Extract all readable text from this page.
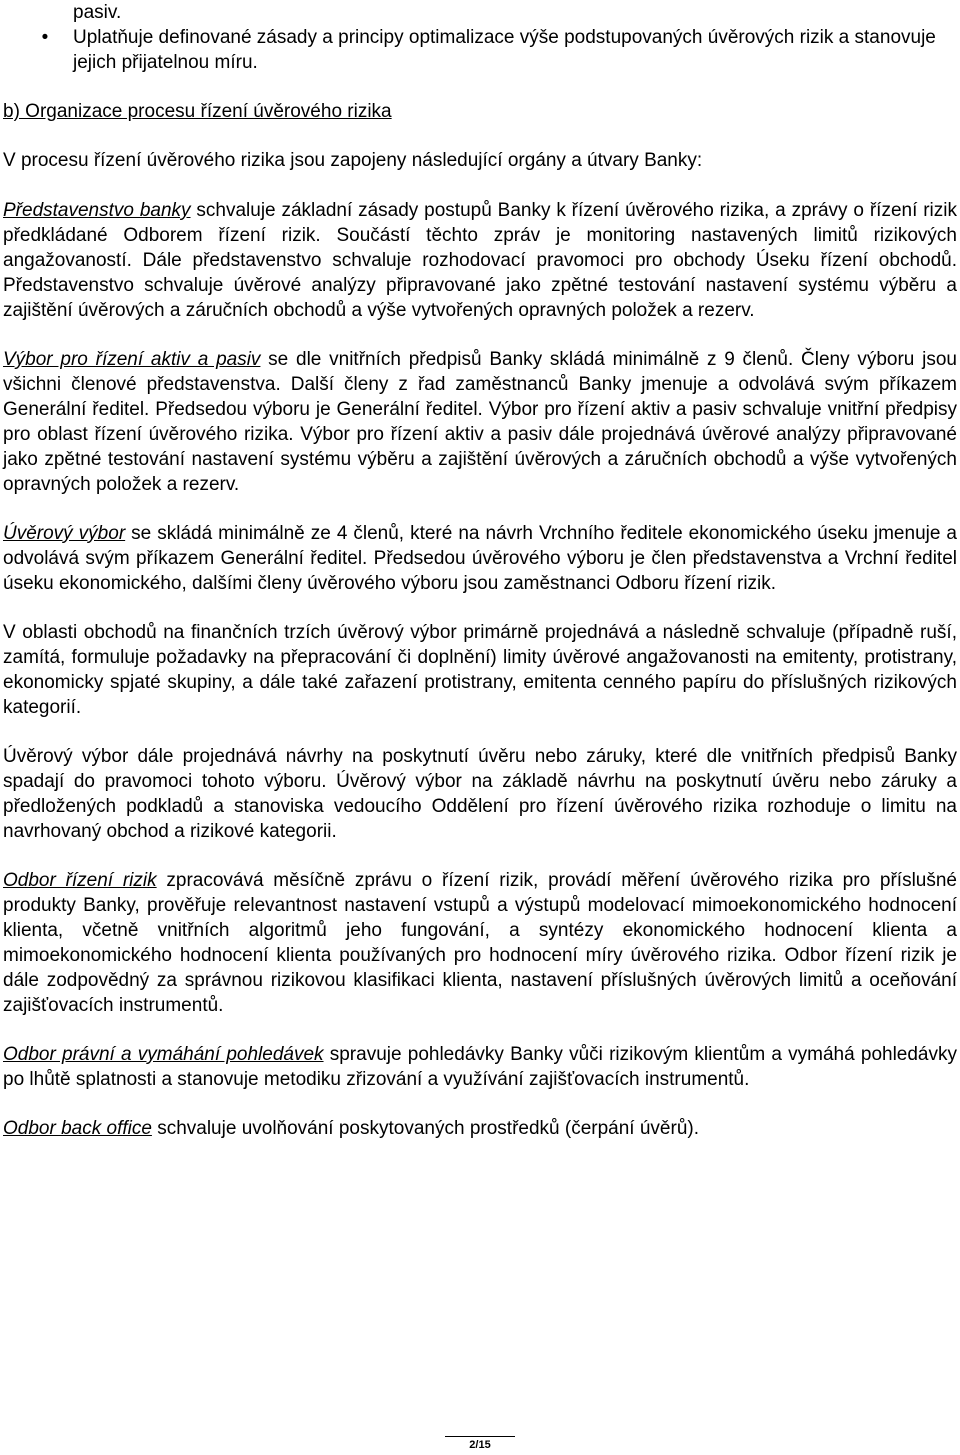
pasiv.

• Uplatňuje definované zásady a principy optimalizace výše podstupovaných úvěrových rizik a stanovuje jejich přijatelnou míru.

b) Organizace procesu řízení úvěrového rizika

V procesu řízení úvěrového rizika jsou zapojeny následující orgány a útvary Banky:

Představenstvo banky schvaluje základní zásady postupů Banky k řízení úvěrového rizika, a zprávy o řízení rizik předkládané Odborem řízení rizik. Součástí těchto zpráv je monitoring nastavených limitů rizikových angažovaností. Dále představenstvo schvaluje rozhodovací pravomoci pro obchody Úseku řízení obchodů. Představenstvo schvaluje úvěrové analýzy připravované jako zpětné testování nastavení systému výběru a zajištění úvěrových a záručních obchodů a výše vytvořených opravných položek a rezerv.

Výbor pro řízení aktiv a pasiv se dle vnitřních předpisů Banky skládá minimálně z 9 členů. Členy výboru jsou všichni členové představenstva. Další členy z řad zaměstnanců Banky jmenuje a odvolává svým příkazem Generální ředitel. Předsedou výboru je Generální ředitel. Výbor pro řízení aktiv a pasiv schvaluje vnitřní předpisy pro oblast řízení úvěrového rizika. Výbor pro řízení aktiv a pasiv dále projednává úvěrové analýzy připravované jako zpětné testování nastavení systému výběru a zajištění úvěrových a záručních obchodů a výše vytvořených opravných položek a rezerv.

Úvěrový výbor se skládá minimálně ze 4 členů, které na návrh Vrchního ředitele ekonomického úseku jmenuje a odvolává svým příkazem Generální ředitel. Předsedou úvěrového výboru je člen představenstva a Vrchní ředitel úseku ekonomického, dalšími členy úvěrového výboru jsou zaměstnanci Odboru řízení rizik.

V oblasti obchodů na finančních trzích úvěrový výbor primárně projednává a následně schvaluje (případně ruší, zamítá, formuluje požadavky na přepracování či doplnění) limity úvěrové angažovanosti na emitenty, protistrany, ekonomicky spjaté skupiny, a dále také zařazení protistrany, emitenta cenného papíru do příslušných rizikových kategorií.

Úvěrový výbor dále projednává návrhy na poskytnutí úvěru nebo záruky, které dle vnitřních předpisů Banky spadají do pravomoci tohoto výboru. Úvěrový výbor na základě návrhu na poskytnutí úvěru nebo záruky a předložených podkladů a stanoviska vedoucího Oddělení pro řízení úvěrového rizika rozhoduje o limitu na navrhovaný obchod a rizikové kategorii.

Odbor řízení rizik zpracovává měsíčně zprávu o řízení rizik, provádí měření úvěrového rizika pro příslušné produkty Banky, prověřuje relevantnost nastavení vstupů a výstupů modelovací mimoekonomického hodnocení klienta, včetně vnitřních algoritmů jeho fungování, a syntézy ekonomického hodnocení klienta a mimoekonomického hodnocení klienta používaných pro hodnocení míry úvěrového rizika. Odbor řízení rizik je dále zodpovědný za správnou rizikovou klasifikaci klienta, nastavení příslušných úvěrových limitů a oceňování zajišťovacích instrumentů.

Odbor právní a vymáhání pohledávek spravuje pohledávky Banky vůči rizikovým klientům a vymáhá pohledávky po lhůtě splatnosti a stanovuje metodiku zřizování a využívání zajišťovacích instrumentů.

Odbor back office schvaluje uvolňování poskytovaných prostředků (čerpání úvěrů).

2/15
